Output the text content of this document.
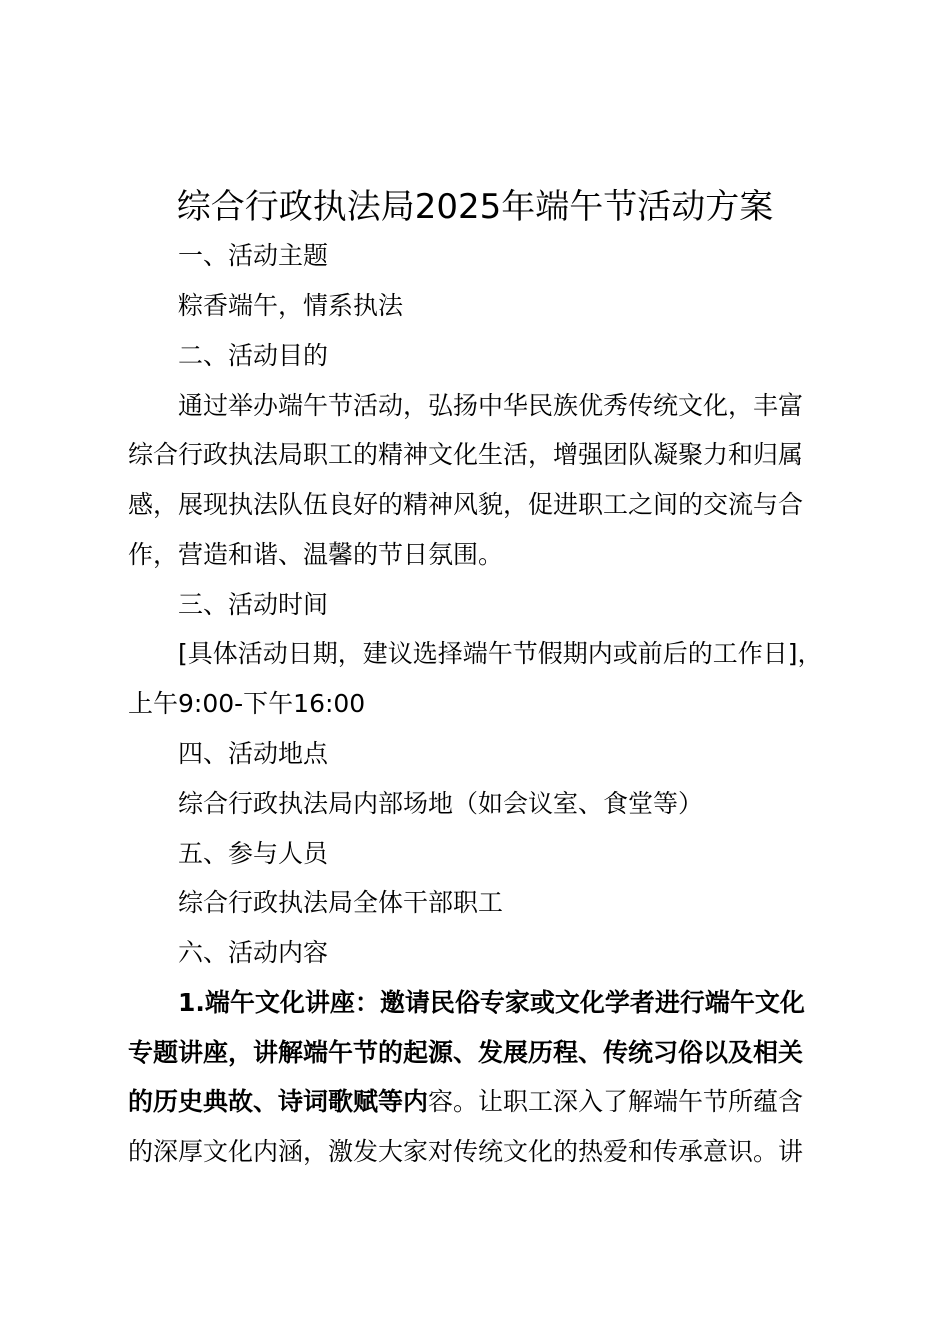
综合行政执法局2025年端午节活动方案
一、活动主题
粽香端午，情系执法
二、活动目的
通过举办端午节活动，弘扬中华民族优秀传统文化，丰富
综合行政执法局职工的精神文化生活，增强团队凝聚力和归属
感，展现执法队伍良好的精神风貌，促进职工之间的交流与合
作，营造和谐、温馨的节日氛围。
三、活动时间
[具体活动日期，建议选择端午节假期内或前后的工作日]，
上午9:00-下午16:00
四、活动地点
综合行政执法局内部场地（如会议室、食堂等）
五、参与人员
综合行政执法局全体干部职工
六、活动内容
1.端午文化讲座：邀请民俗专家或文化学者进行端午文化
专题讲座，讲解端午节的起源、发展历程、传统习俗以及相关
的历史典故、诗词歌赋等内容。让职工深入了解端午节所蕴含
的深厚文化内涵，激发大家对传统文化的热爱和传承意识。讲
